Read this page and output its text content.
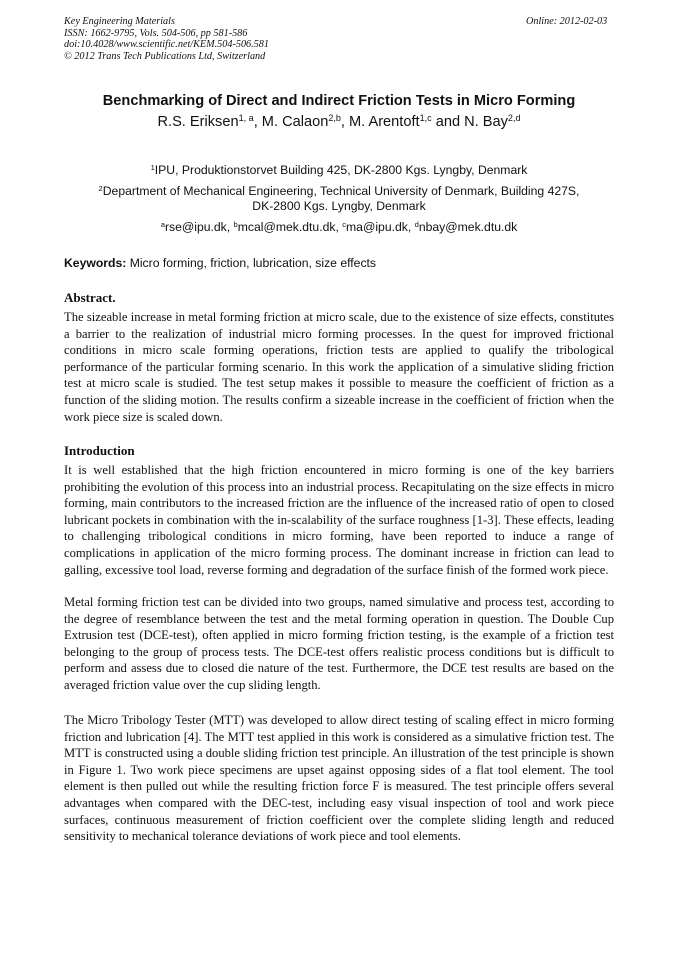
Key Engineering Materials
ISSN: 1662-9795, Vols. 504-506, pp 581-586
doi:10.4028/www.scientific.net/KEM.504-506.581
© 2012 Trans Tech Publications Ltd, Switzerland
Online: 2012-02-03
Benchmarking of Direct and Indirect Friction Tests in Micro Forming
R.S. Eriksen$^{1, a}$, M. Calaon$^{2,b}$, M. Arentoft$^{1,c}$ and N. Bay$^{2,d}$
$^1$IPU, Produktionstorvet Building 425, DK-2800 Kgs. Lyngby, Denmark
$^2$Department of Mechanical Engineering, Technical University of Denmark, Building 427S,
DK-2800 Kgs. Lyngby, Denmark
$^a$rse@ipu.dk, $^b$mcal@mek.dtu.dk, $^c$ma@ipu.dk, $^d$nbay@mek.dtu.dk
Keywords: Micro forming, friction, lubrication, size effects
Abstract.
The sizeable increase in metal forming friction at micro scale, due to the existence of size effects, constitutes a barrier to the realization of industrial micro forming processes. In the quest for improved frictional conditions in micro scale forming operations, friction tests are applied to qualify the tribological performance of the particular forming scenario. In this work the application of a simulative sliding friction test at micro scale is studied. The test setup makes it possible to measure the coefficient of friction as a function of the sliding motion. The results confirm a sizeable increase in the coefficient of friction when the work piece size is scaled down.
Introduction
It is well established that the high friction encountered in micro forming is one of the key barriers prohibiting the evolution of this process into an industrial process. Recapitulating on the size effects in micro forming, main contributors to the increased friction are the influence of the increased ratio of open to closed lubricant pockets in combination with the in-scalability of the surface roughness [1-3]. These effects, leading to challenging tribological conditions in micro forming, have been reported to induce a range of complications in application of the micro forming process. The dominant increase in friction can lead to galling, excessive tool load, reverse forming and degradation of the surface finish of the formed work piece.
Metal forming friction test can be divided into two groups, named simulative and process test, according to the degree of resemblance between the test and the metal forming operation in question. The Double Cup Extrusion test (DCE-test), often applied in micro forming friction testing, is the example of a friction test belonging to the group of process tests. The DCE-test offers realistic process conditions but is difficult to perform and assess due to closed die nature of the test. Furthermore, the DCE test results are based on the averaged friction value over the cup sliding length.
The Micro Tribology Tester (MTT) was developed to allow direct testing of scaling effect in micro forming friction and lubrication [4]. The MTT test applied in this work is considered as a simulative friction test. The MTT is constructed using a double sliding friction test principle. An illustration of the test principle is shown in Figure 1. Two work piece specimens are upset against opposing sides of a flat tool element. The tool element is then pulled out while the resulting friction force F is measured. The test principle offers several advantages when compared with the DEC-test, including easy visual inspection of tool and work piece surfaces, continuous measurement of friction coefficient over the complete sliding length and reduced sensitivity to mechanical tolerance deviations of work piece and tool elements.
